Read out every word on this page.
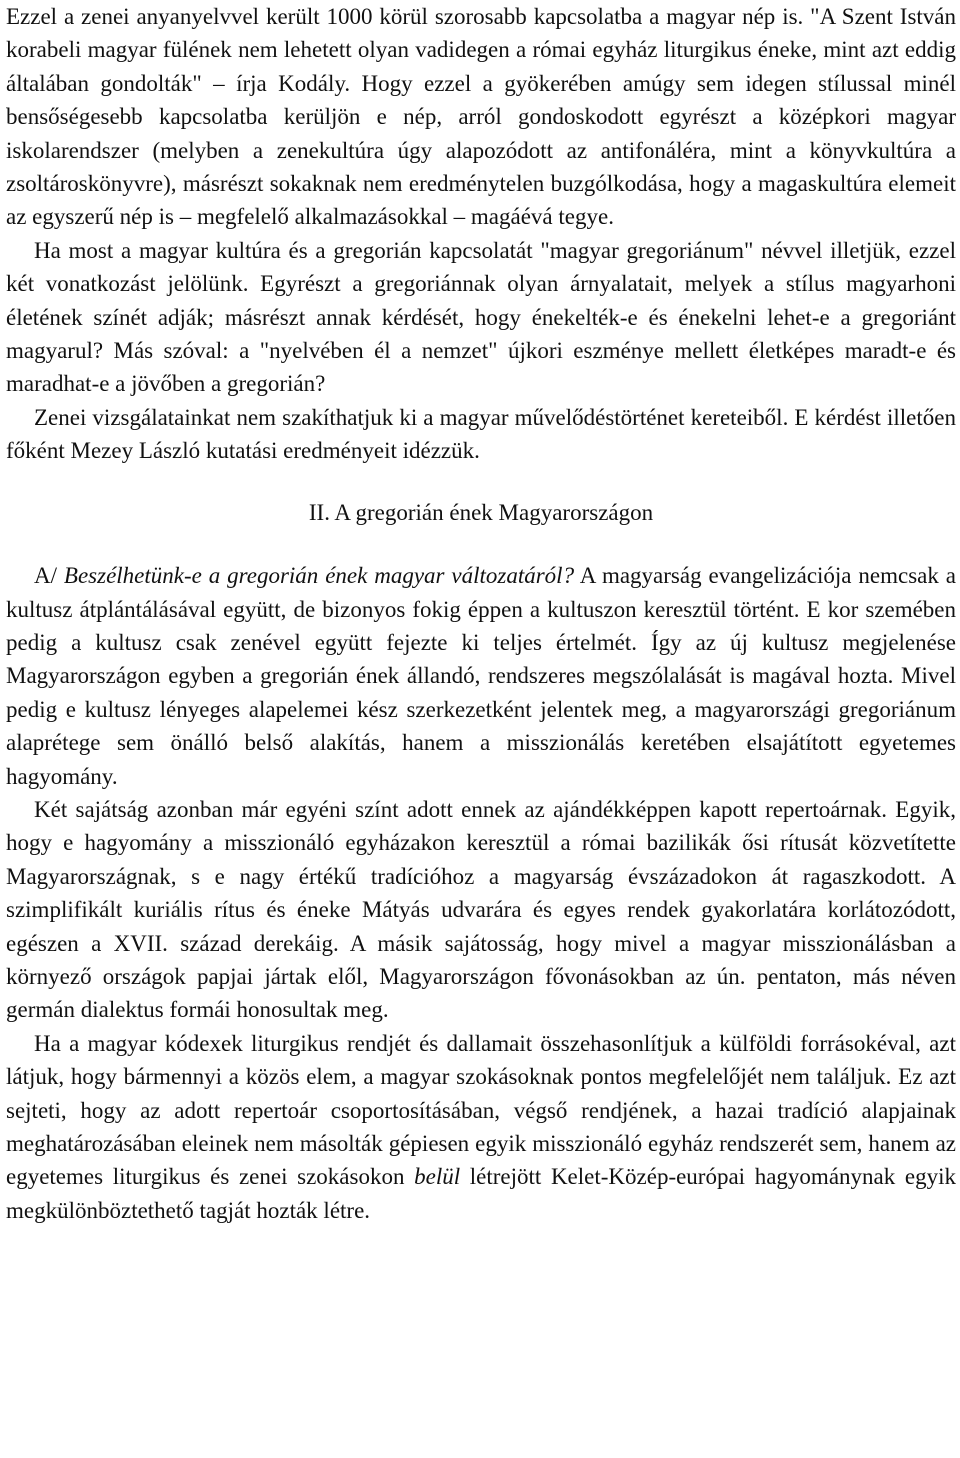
Ezzel a zenei anyanyelvvel került 1000 körül szorosabb kapcsolatba a magyar nép is. "A Szent István korabeli magyar fülének nem lehetett olyan vadidegen a római egyház liturgikus éneke, mint azt eddig általában gondolták" – írja Kodály. Hogy ezzel a gyökerében amúgy sem idegen stílussal minél bensőségesebb kapcsolatba kerüljön e nép, arról gondoskodott egyrészt a középkori magyar iskolarendszer (melyben a zenekultúra úgy alapozódott az antifonáléra, mint a könyvkultúra a zsoltároskönyvre), másrészt sokaknak nem eredménytelen buzgólkodása, hogy a magaskultúra elemeit az egyszerű nép is – megfelelő alkalmazásokkal – magáévá tegye.

Ha most a magyar kultúra és a gregorián kapcsolatát "magyar gregoriánum" névvel illetjük, ezzel két vonatkozást jelölünk. Egyrészt a gregoriánnak olyan árnyalatait, melyek a stílus magyarhoni életének színét adják; másrészt annak kérdését, hogy énekelték-e és énekelni lehet-e a gregoriánt magyarul? Más szóval: a "nyelvében él a nemzet" újkori eszménye mellett életképes maradt-e és maradhat-e a jövőben a gregorián?

Zenei vizsgálatainkat nem szakíthatjuk ki a magyar művelődéstörténet kereteiből. E kérdést illetően főként Mezey László kutatási eredményeit idézzük.

II. A gregorián ének Magyarországon

A/ Beszélhetünk-e a gregorián ének magyar változatáról? A magyarság evangelizációja nemcsak a kultusz átplántálásával együtt, de bizonyos fokig éppen a kultuszon keresztül történt. E kor szemében pedig a kultusz csak zenével együtt fejezte ki teljes értelmét. Így az új kultusz megjelenése Magyarországon egyben a gregorián ének állandó, rendszeres megszólalását is magával hozta. Mivel pedig e kultusz lényeges alapelemei kész szerkezetként jelentek meg, a magyarországi gregoriánum alaprétege sem önálló belső alakítás, hanem a misszionálás keretében elsajátított egyetemes hagyomány.

Két sajátság azonban már egyéni színt adott ennek az ajándékképpen kapott repertoárnak. Egyik, hogy e hagyomány a misszionáló egyházakon keresztül a római bazilikák ősi rítusát közvetítette Magyarországnak, s e nagy értékű tradícióhoz a magyarság évszázadokon át ragaszkodott. A szimplifikált kuriális rítus és éneke Mátyás udvarára és egyes rendek gyakorlatára korlátozódott, egészen a XVII. század derekáig. A másik sajátosság, hogy mivel a magyar misszionálásban a környező országok papjai jártak elől, Magyarországon fővonásokban az ún. pentaton, más néven germán dialektus formái honosultak meg.

Ha a magyar kódexek liturgikus rendjét és dallamait összehasonlítjuk a külföldi forrásokéval, azt látjuk, hogy bármennyi a közös elem, a magyar szokásoknak pontos megfelelőjét nem találjuk. Ez azt sejteti, hogy az adott repertoár csoportosításában, végső rendjének, a hazai tradíció alapjainak meghatározásában eleinek nem másolták gépiesen egyik misszionáló egyház rendszerét sem, hanem az egyetemes liturgikus és zenei szokásokon belül létrejött Kelet-Közép-európai hagyománynak egyik megkülönböztethető tagját hozták létre.
